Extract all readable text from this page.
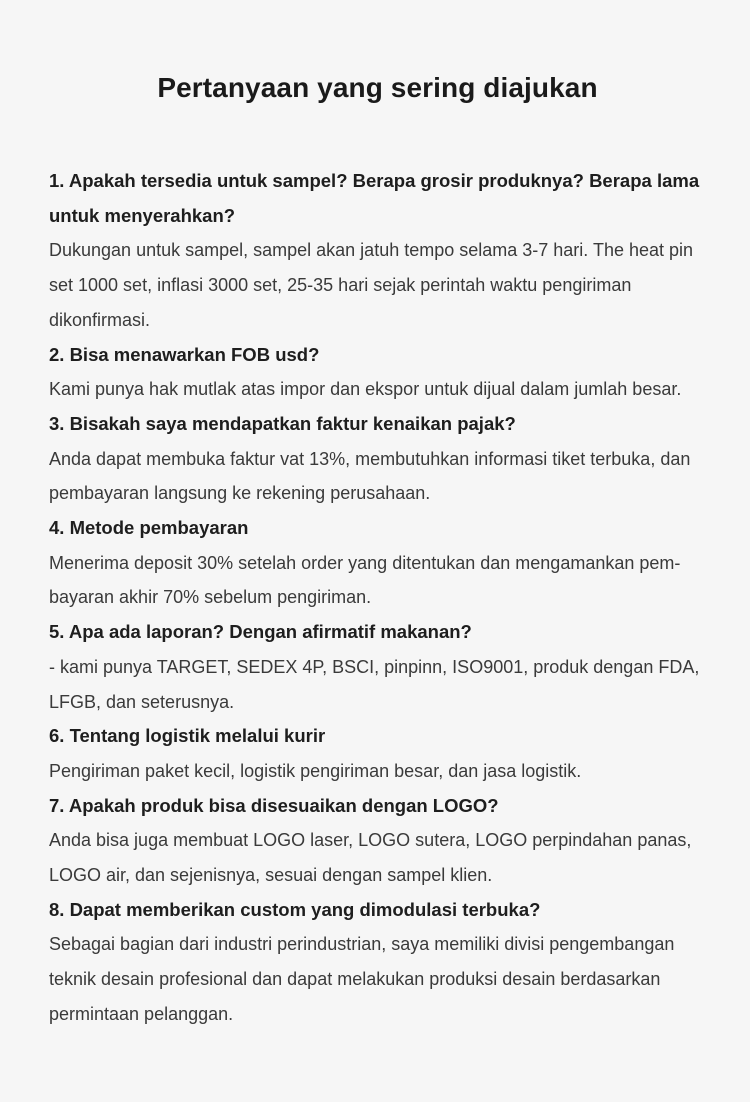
Pertanyaan yang sering diajukan

1. Apakah tersedia untuk sampel? Berapa grosir produknya? Berapa lama untuk menyerahkan?

Dukungan untuk sampel, sampel akan jatuh tempo selama 3-7 hari. The heat pin set 1000 set, inflasi 3000 set, 25-35 hari sejak perintah waktu pengiriman dikonfirmasi.

2. Bisa menawarkan FOB usd?

Kami punya hak mutlak atas impor dan ekspor untuk dijual dalam jumlah besar.

3. Bisakah saya mendapatkan faktur kenaikan pajak?

Anda dapat membuka faktur vat 13%, membutuhkan informasi tiket terbuka, dan pembayaran langsung ke rekening perusahaan.

4. Metode pembayaran

Menerima deposit 30% setelah order yang ditentukan dan mengamankan pem-bayaran akhir 70% sebelum pengiriman.

5. Apa ada laporan? Dengan afirmatif makanan?

- kami punya TARGET, SEDEX 4P, BSCI, pinpinn, ISO9001, produk dengan FDA, LFGB, dan seterusnya.

6. Tentang logistik melalui kurir

Pengiriman paket kecil, logistik pengiriman besar, dan jasa logistik.

7. Apakah produk bisa disesuaikan dengan LOGO?

Anda bisa juga membuat LOGO laser, LOGO sutera, LOGO perpindahan panas, LOGO air, dan sejenisnya, sesuai dengan sampel klien.

8. Dapat memberikan custom yang dimodulasi terbuka?

Sebagai bagian dari industri perindustrian, saya memiliki divisi pengembangan teknik desain profesional dan dapat melakukan produksi desain berdasarkan permintaan pelanggan.
